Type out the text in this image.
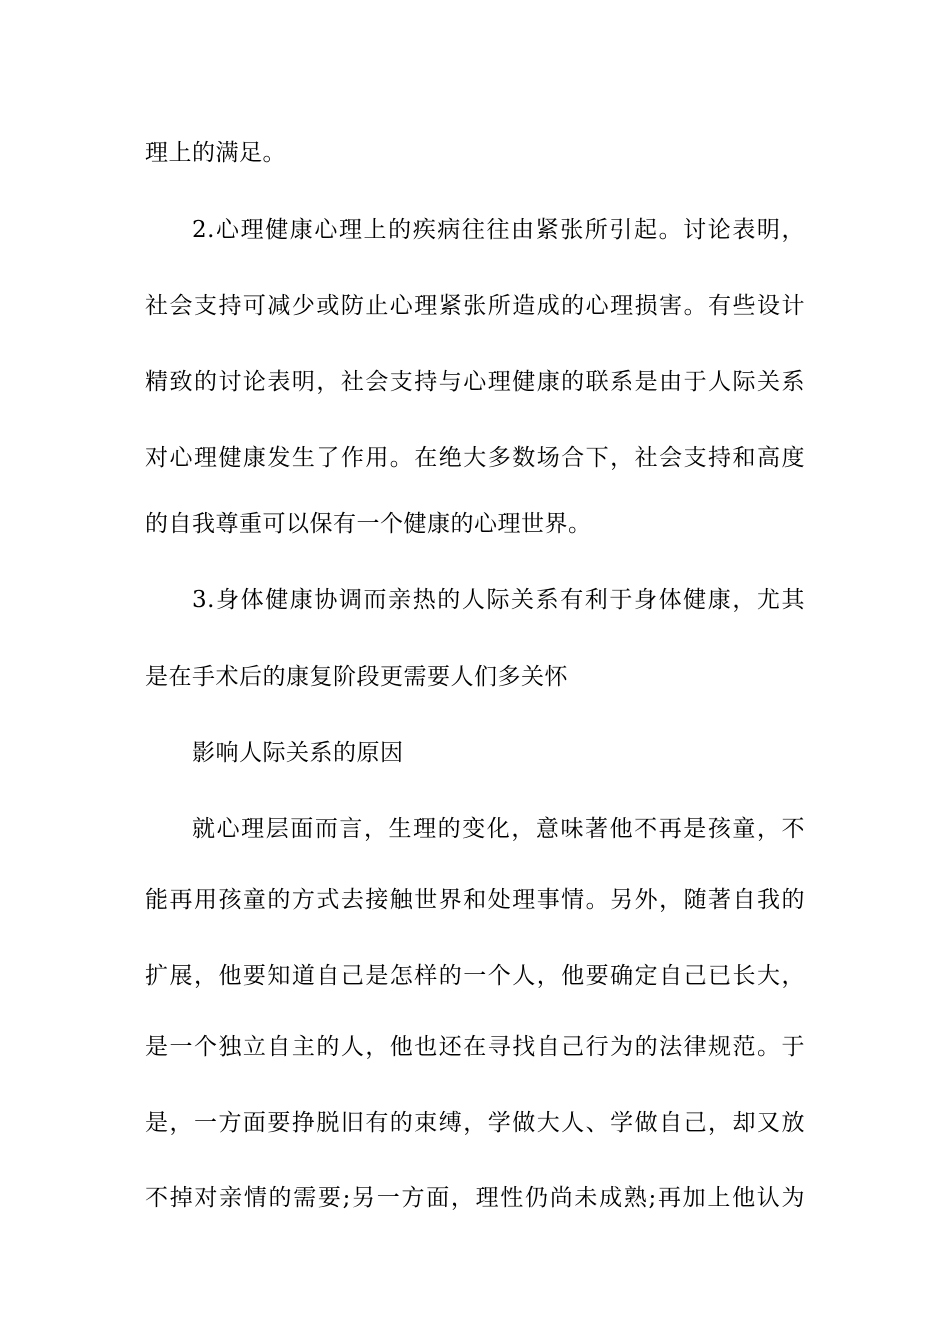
理上的满足。
2.心理健康心理上的疾病往往由紧张所引起。讨论表明，
社会支持可减少或防止心理紧张所造成的心理损害。有些设计
精致的讨论表明，社会支持与心理健康的联系是由于人际关系
对心理健康发生了作用。在绝大多数场合下，社会支持和高度
的自我尊重可以保有一个健康的心理世界。
3.身体健康协调而亲热的人际关系有利于身体健康，尤其
是在手术后的康复阶段更需要人们多关怀
影响人际关系的原因
就心理层面而言，生理的变化，意味著他不再是孩童，不
能再用孩童的方式去接触世界和处理事情。另外，随著自我的
扩展，他要知道自己是怎样的一个人，他要确定自己已长大，
是一个独立自主的人，他也还在寻找自己行为的法律规范。于
是，一方面要挣脱旧有的束缚，学做大人、学做自己，却又放
不掉对亲情的需要;另一方面，理性仍尚未成熟;再加上他认为
